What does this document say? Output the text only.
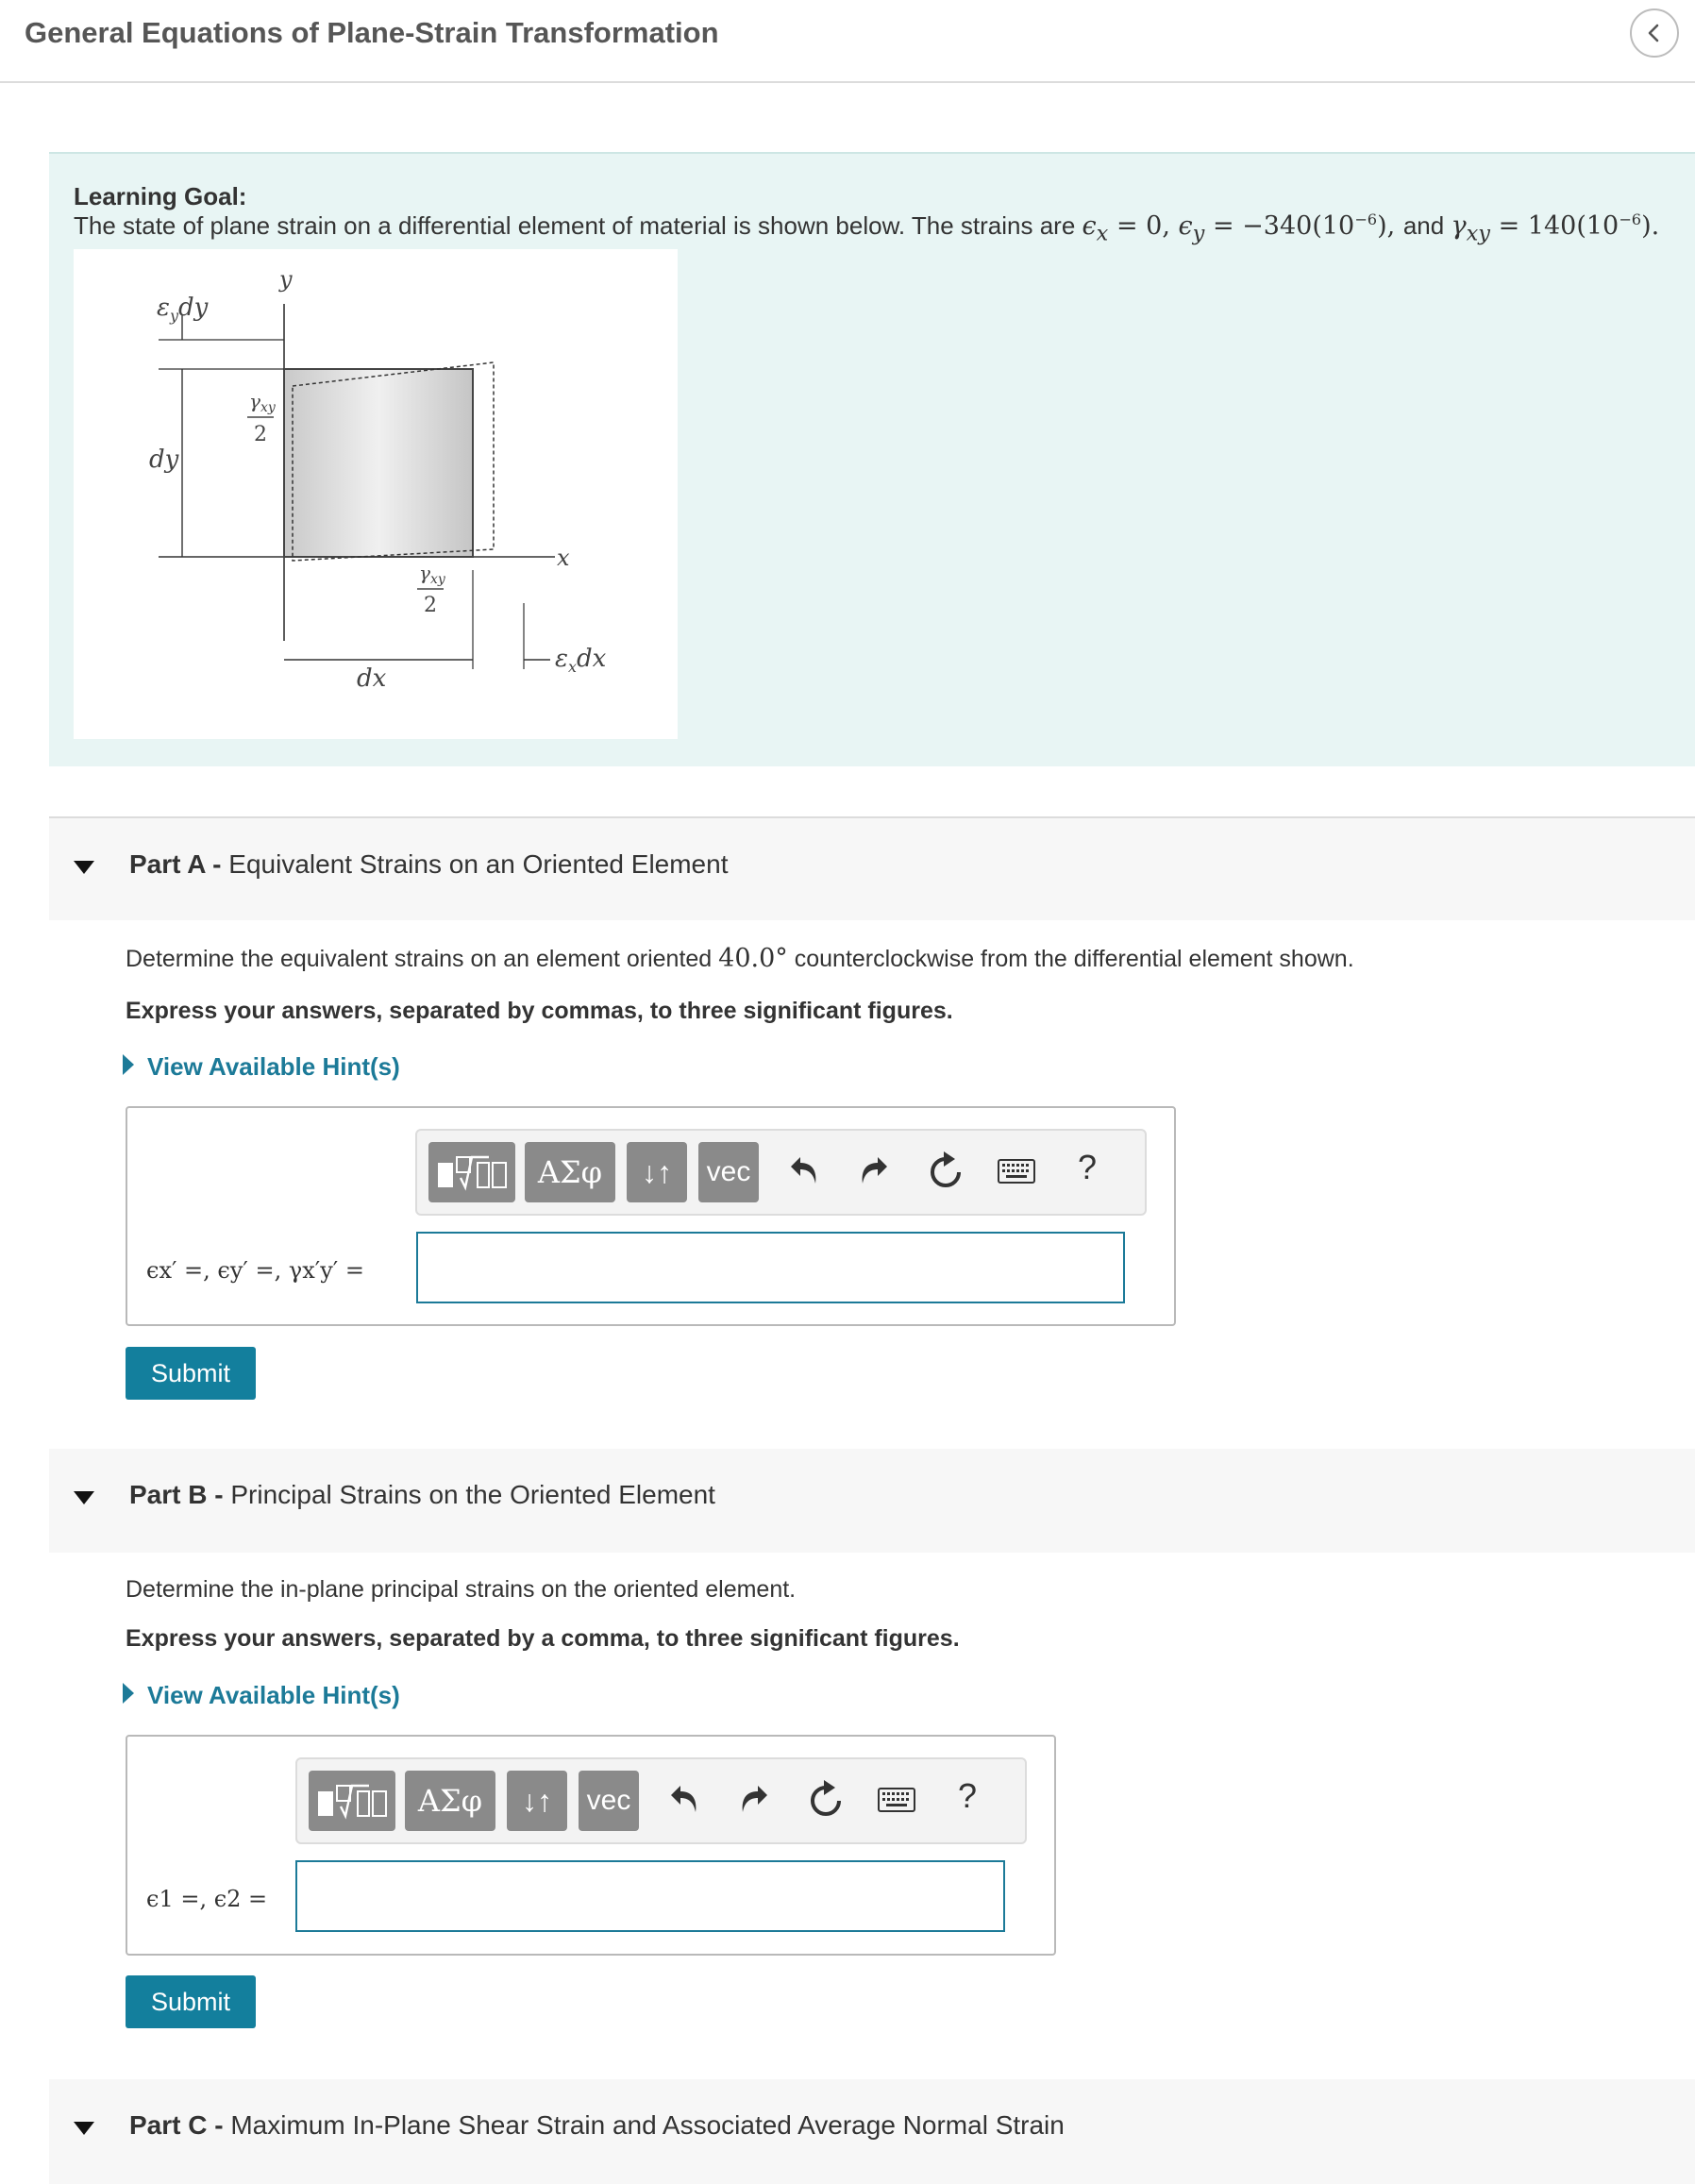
General Equations of Plane-Strain Transformation
Learning Goal:
The state of plane strain on a differential element of material is shown below. The strains are $\epsilon_x = 0$, $\epsilon_y = -340(10^{-6})$, and $\gamma_{xy} = 140(10^{-6})$.
$\varepsilon_ydy$
y
$\gamma_{xy}$
2
dy
x
$\gamma_{xy}$
2
$\varepsilon_xdx$
dx
Part A - Equivalent Strains on an Oriented Element
Determine the equivalent strains on an element oriented 40.0° counterclockwise from the differential element shown.
Express your answers, separated by commas, to three significant figures.
View Available Hint(s)
ΑΣφ	↓↑	vec	?
ϵx′ =, ϵy′ =, γx′y′ =
Submit
Part B - Principal Strains on the Oriented Element
Determine the in-plane principal strains on the oriented element.
Express your answers, separated by a comma, to three significant figures.
View Available Hint(s)
ΑΣφ	↓↑	vec	?
ϵ1 =, ϵ2 =
Submit
Part C - Maximum In-Plane Shear Strain and Associated Average Normal Strain
